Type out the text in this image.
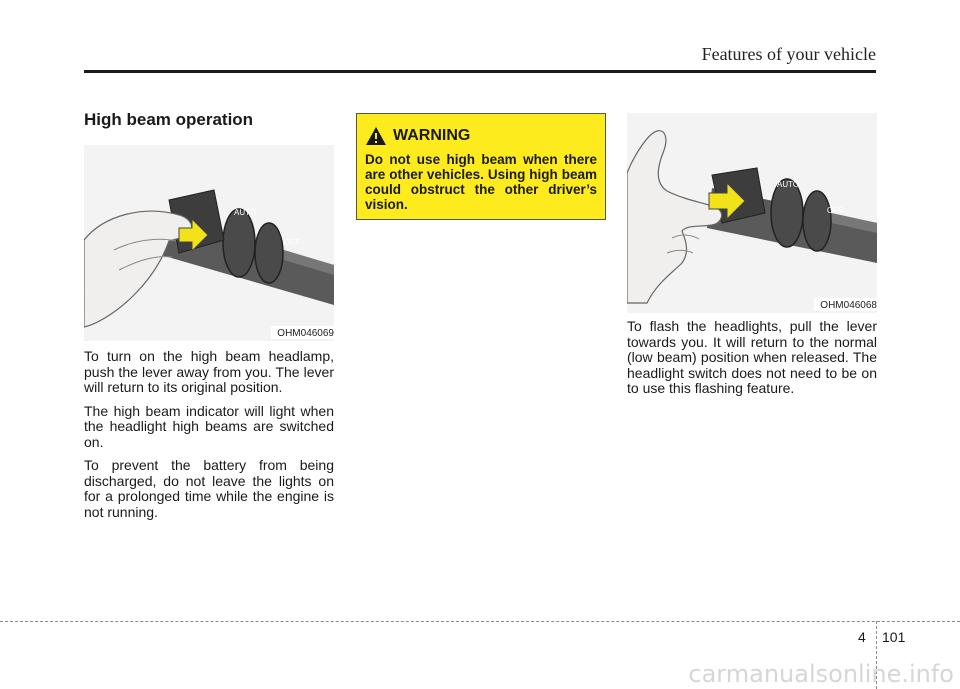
Features of your vehicle
High beam operation
AUTO
OFF
OHM046069

To turn on the high beam headlamp, push the lever away from you. The lever will return to its original position.

The high beam indicator will light when the headlight high beams are switched on.

To prevent the battery from being discharged, do not leave the lights on for a prolonged time while the engine is not running.

WARNING
Do not use high beam when there are other vehicles. Using high beam could obstruct the other driver’s vision.
AUTO
OFF
OHM046068

To flash the headlights, pull the lever towards you. It will return to the normal (low beam) position when released. The headlight switch does not need to be on to use this flashing feature.

4 101
carmanualsonline.info
